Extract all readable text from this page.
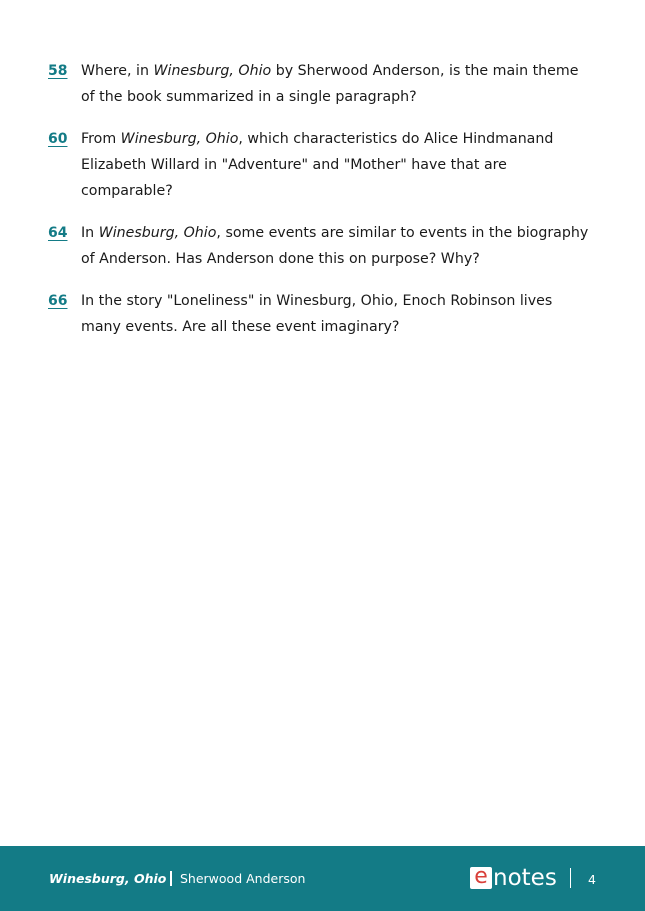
58 Where, in Winesburg, Ohio by Sherwood Anderson, is the main theme of the book summarized in a single paragraph?
60 From Winesburg, Ohio, which characteristics do Alice Hindmanand Elizabeth Willard in "Adventure" and "Mother" have that are comparable?
64 In Winesburg, Ohio, some events are similar to events in the biography of Anderson. Has Anderson done this on purpose? Why?
66 In the story "Loneliness" in Winesburg, Ohio, Enoch Robinson lives many events. Are all these event imaginary?
Winesburg, Ohio Sherwood Anderson	e notes 4
